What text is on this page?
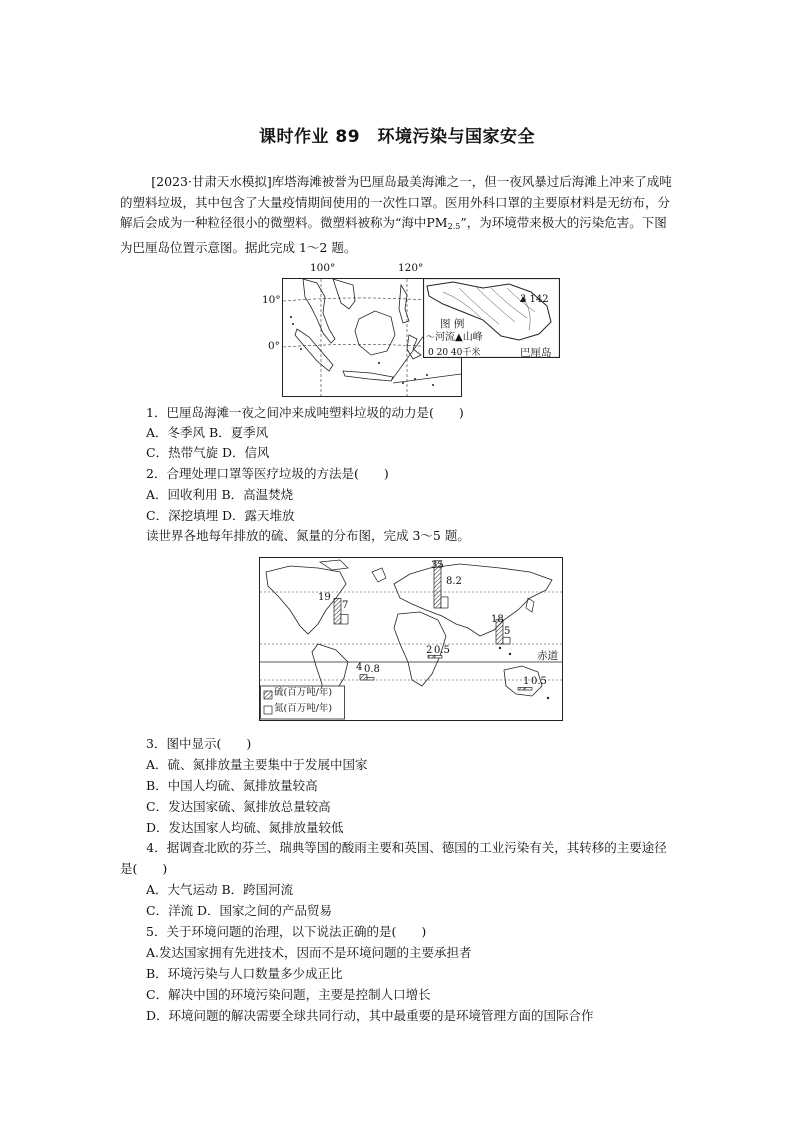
课时作业 89　环境污染与国家安全

[2023·甘肃天水模拟]库塔海滩被誉为巴厘岛最美海滩之一，但一夜风暴过后海滩上冲来了成吨的塑料垃圾，其中包含了大量疫情期间使用的一次性口罩。医用外科口罩的主要原材料是无纺布，分解后会成为一种粒径很小的微塑料。微塑料被称为“海中$PM_{2.5}$”，为环境带来极大的污染危害。下图为巴厘岛位置示意图。据此完成 1～2 题。

100°	120°
10°
0°
3 142
图 例
〜河流▲山峰
0 20 40千米	巴厘岛

1．巴厘岛海滩一夜之间冲来成吨塑料垃圾的动力是(　　)

A．冬季风 B．夏季风

C．热带气旋 D．信风

2．合理处理口罩等医疗垃圾的方法是(　　)

A．回收利用 B．高温焚烧

C．深挖填埋 D．露天堆放

读世界各地每年排放的硫、氮量的分布图，完成 3～5 题。

赤道
硫(百万吨/年)
氮(百万吨/年)
19
7
35
8.2
18
5
2 0.5
4 0.8
1 0.5

3．图中显示(　　)

A．硫、氮排放量主要集中于发展中国家

B．中国人均硫、氮排放量较高

C．发达国家硫、氮排放总量较高

D．发达国家人均硫、氮排放量较低

4．据调查北欧的芬兰、瑞典等国的酸雨主要和英国、德国的工业污染有关，其转移的主要途径是(　　)

A．大气运动 B．跨国河流

C．洋流 D．国家之间的产品贸易

5．关于环境问题的治理，以下说法正确的是(　　)

A.发达国家拥有先进技术，因而不是环境问题的主要承担者

B．环境污染与人口数量多少成正比

C．解决中国的环境污染问题，主要是控制人口增长

D．环境问题的解决需要全球共同行动，其中最重要的是环境管理方面的国际合作
